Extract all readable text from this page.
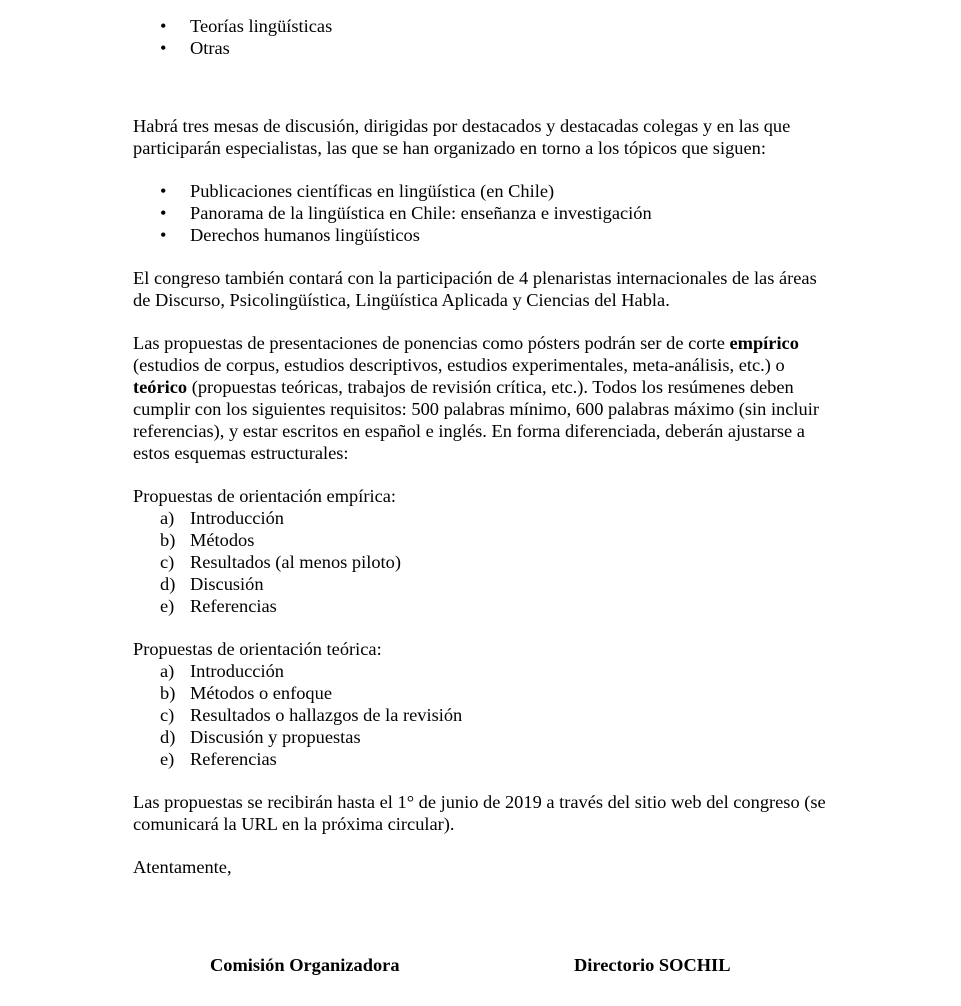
• Teorías lingüísticas
• Otras

Habrá tres mesas de discusión, dirigidas por destacados y destacadas colegas y en las que participarán especialistas, las que se han organizado en torno a los tópicos que siguen:

• Publicaciones científicas en lingüística (en Chile)
• Panorama de la lingüística en Chile: enseñanza e investigación
• Derechos humanos lingüísticos

El congreso también contará con la participación de 4 plenaristas internacionales de las áreas de Discurso, Psicolingüística, Lingüística Aplicada y Ciencias del Habla.

Las propuestas de presentaciones de ponencias como pósters podrán ser de corte empírico (estudios de corpus, estudios descriptivos, estudios experimentales, meta-análisis, etc.) o teórico (propuestas teóricas, trabajos de revisión crítica, etc.). Todos los resúmenes deben cumplir con los siguientes requisitos: 500 palabras mínimo, 600 palabras máximo (sin incluir referencias), y estar escritos en español e inglés. En forma diferenciada, deberán ajustarse a estos esquemas estructurales:

Propuestas de orientación empírica:

a) Introducción
b) Métodos
c) Resultados (al menos piloto)
d) Discusión
e) Referencias

Propuestas de orientación teórica:

a) Introducción
b) Métodos o enfoque
c) Resultados o hallazgos de la revisión
d) Discusión y propuestas
e) Referencias

Las propuestas se recibirán hasta el 1° de junio de 2019 a través del sitio web del congreso (se comunicará la URL en la próxima circular).

Atentamente,

Comisión Organizadora	Directorio SOCHIL
